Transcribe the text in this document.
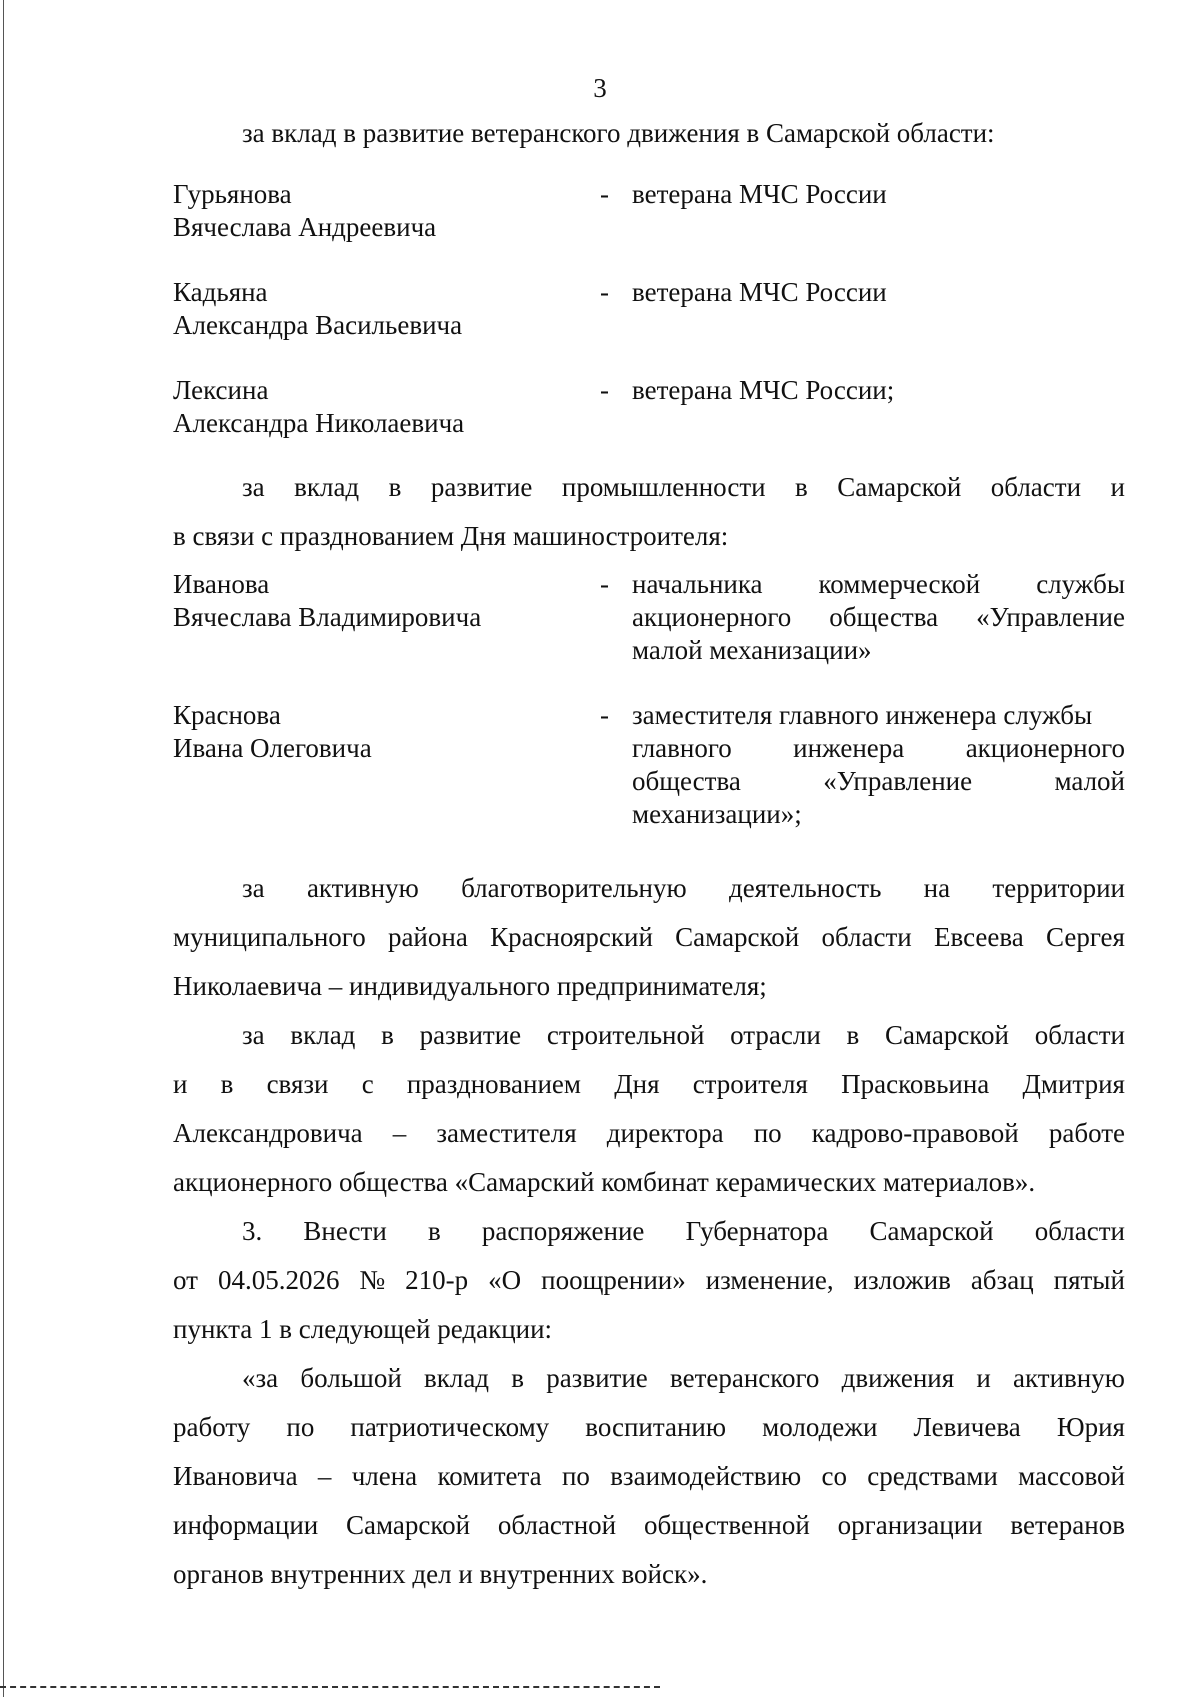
3
за вклад в развитие ветеранского движения в Самарской области:
Гурьянова
Вячеслава Андреевича
- ветерана МЧС России
Кадьяна
Александра Васильевича
- ветерана МЧС России
Лексина
Александра Николаевича
- ветерана МЧС России;
за вклад в развитие промышленности в Самарской области и
в связи с празднованием Дня машиностроителя:
Иванова
Вячеслава Владимировича
- начальника коммерческой службы
акционерного общества «Управление
малой механизации»
Краснова
Ивана Олеговича
- заместителя главного инженера службы
главного инженера акционерного
общества	«Управление	малой
механизации»;
за активную благотворительную деятельность на территории
муниципального района Красноярский Самарской области Евсеева Сергея
Николаевича – индивидуального предпринимателя;
за вклад в развитие строительной отрасли в Самарской области
и в связи с празднованием Дня строителя Прасковьина Дмитрия
Александровича – заместителя директора по кадрово-правовой работе
акционерного общества «Самарский комбинат керамических материалов».
3. Внести в распоряжение Губернатора Самарской области
от 04.05.2026 № 210-р «О поощрении» изменение, изложив абзац пятый
пункта 1 в следующей редакции:
«за большой вклад в развитие ветеранского движения и активную
работу по патриотическому воспитанию молодежи Левичева Юрия
Ивановича – члена комитета по взаимодействию со средствами массовой
информации Самарской областной общественной организации ветеранов
органов внутренних дел и внутренних войск».
